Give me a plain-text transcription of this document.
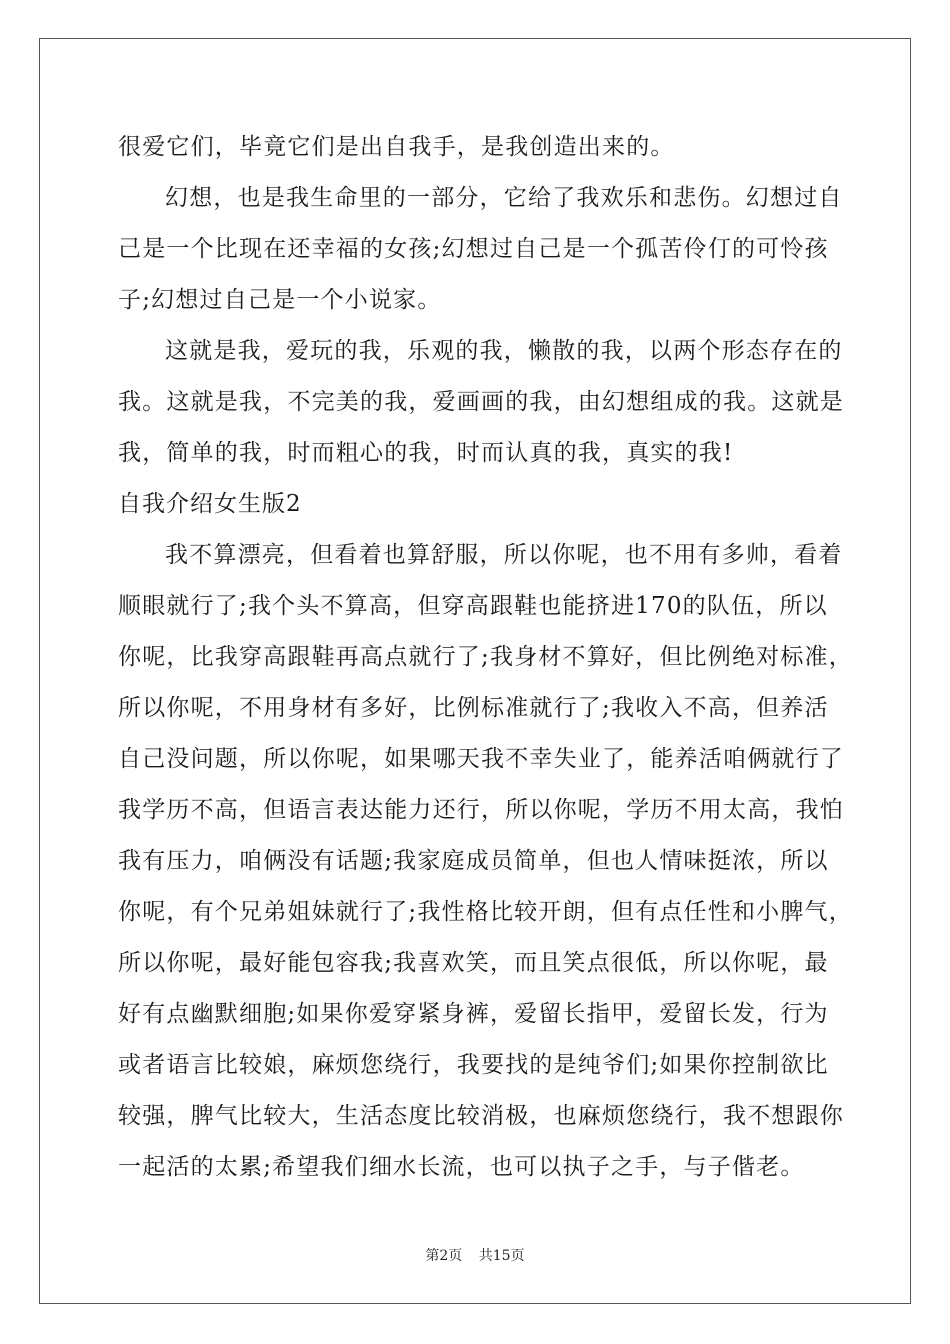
很爱它们，毕竟它们是出自我手，是我创造出来的。
幻想，也是我生命里的一部分，它给了我欢乐和悲伤。幻想过自
己是一个比现在还幸福的女孩;幻想过自己是一个孤苦伶仃的可怜孩
子;幻想过自己是一个小说家。
这就是我，爱玩的我，乐观的我，懒散的我，以两个形态存在的
我。这就是我，不完美的我，爱画画的我，由幻想组成的我。这就是
我，简单的我，时而粗心的我，时而认真的我，真实的我!
自我介绍女生版2
我不算漂亮，但看着也算舒服，所以你呢，也不用有多帅，看着
顺眼就行了;我个头不算高，但穿高跟鞋也能挤进170的队伍，所以
你呢，比我穿高跟鞋再高点就行了;我身材不算好，但比例绝对标准，
所以你呢，不用身材有多好，比例标准就行了;我收入不高，但养活
自己没问题，所以你呢，如果哪天我不幸失业了，能养活咱俩就行了
我学历不高，但语言表达能力还行，所以你呢，学历不用太高，我怕
我有压力，咱俩没有话题;我家庭成员简单，但也人情味挺浓，所以
你呢，有个兄弟姐妹就行了;我性格比较开朗，但有点任性和小脾气，
所以你呢，最好能包容我;我喜欢笑，而且笑点很低，所以你呢，最
好有点幽默细胞;如果你爱穿紧身裤，爱留长指甲，爱留长发，行为
或者语言比较娘，麻烦您绕行，我要找的是纯爷们;如果你控制欲比
较强，脾气比较大，生活态度比较消极，也麻烦您绕行，我不想跟你
一起活的太累;希望我们细水长流，也可以执子之手，与子偕老。
第2页 共15页
